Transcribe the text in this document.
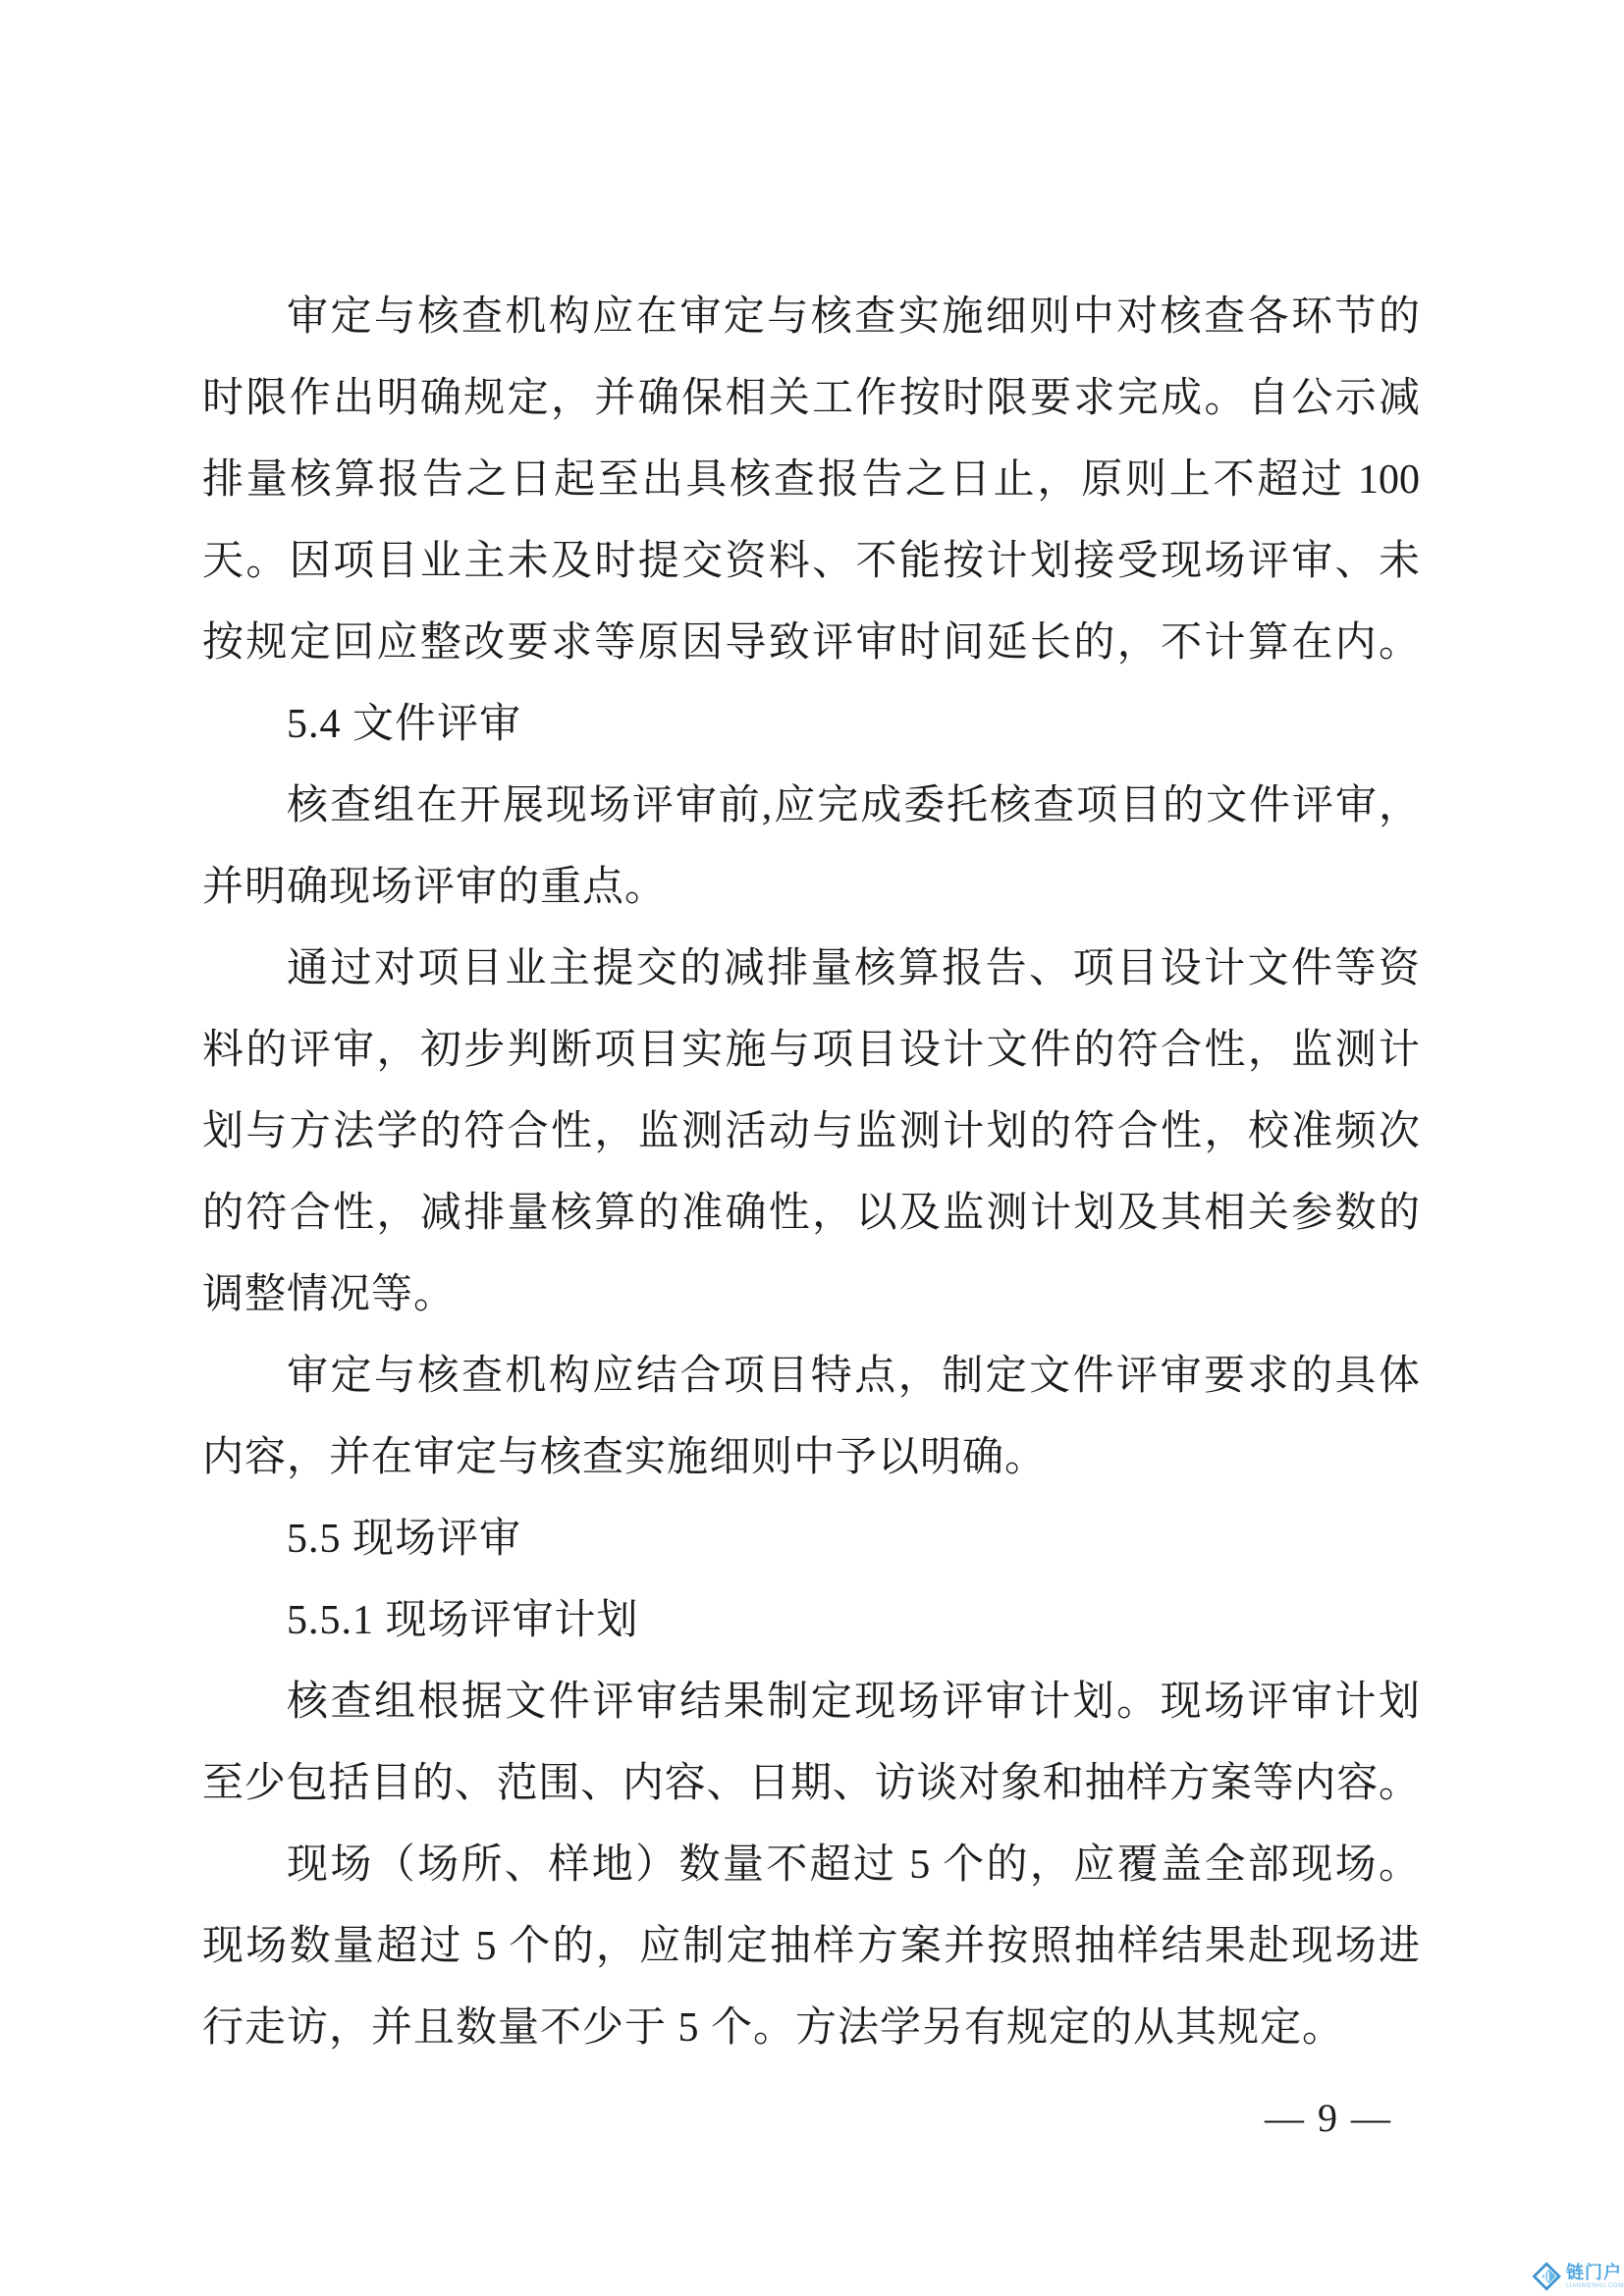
审定与核查机构应在审定与核查实施细则中对核查各环节的
时限作出明确规定，并确保相关工作按时限要求完成。自公示减
排量核算报告之日起至出具核查报告之日止，原则上不超过 100
天。因项目业主未及时提交资料、不能按计划接受现场评审、未
按规定回应整改要求等原因导致评审时间延长的，不计算在内。
5.4 文件评审
核查组在开展现场评审前,应完成委托核查项目的文件评审，
并明确现场评审的重点。
通过对项目业主提交的减排量核算报告、项目设计文件等资
料的评审，初步判断项目实施与项目设计文件的符合性，监测计
划与方法学的符合性，监测活动与监测计划的符合性，校准频次
的符合性，减排量核算的准确性，以及监测计划及其相关参数的
调整情况等。
审定与核查机构应结合项目特点，制定文件评审要求的具体
内容，并在审定与核查实施细则中予以明确。
5.5 现场评审
5.5.1 现场评审计划
核查组根据文件评审结果制定现场评审计划。现场评审计划
至少包括目的、范围、内容、日期、访谈对象和抽样方案等内容。
现场（场所、样地）数量不超过 5 个的，应覆盖全部现场。
现场数量超过 5 个的，应制定抽样方案并按照抽样结果赴现场进
行走访，并且数量不少于 5 个。方法学另有规定的从其规定。
— 9 —
链门户
LIANMENHU.COM
